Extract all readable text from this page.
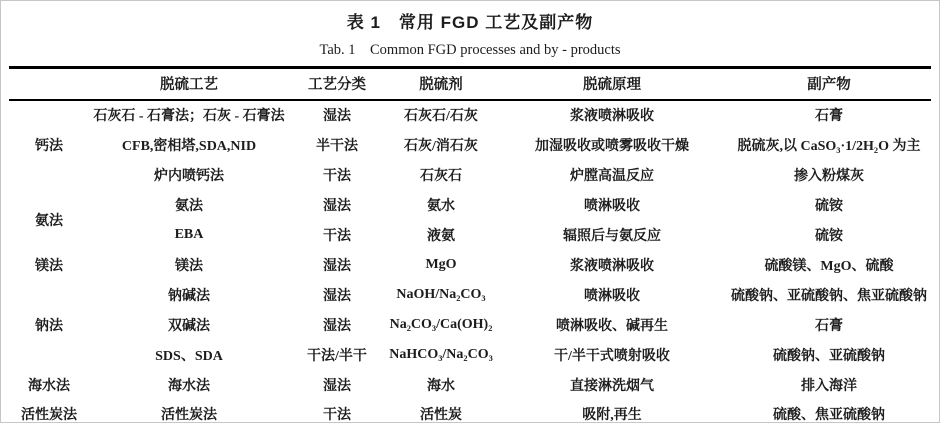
表 1　常用 FGD 工艺及副产物
Tab. 1　Common FGD processes and by - products
	脱硫工艺	工艺分类	脱硫剂	脱硫原理	副产物
钙法	石灰石 - 石膏法；石灰 - 石膏法	湿法	石灰石/石灰	浆液喷淋吸收	石膏
	CFB,密相塔,SDA,NID	半干法	石灰/消石灰	加湿吸收或喷雾吸收干燥	脱硫灰,以 CaSO₃·1/2H₂O 为主
	炉内喷钙法	干法	石灰石	炉膛高温反应	掺入粉煤灰
氨法	氨法	湿法	氨水	喷淋吸收	硫铵
	EBA	干法	液氨	辐照后与氨反应	硫铵
镁法	镁法	湿法	MgO	浆液喷淋吸收	硫酸镁、MgO、硫酸
钠法	钠碱法	湿法	NaOH/Na₂CO₃	喷淋吸收	硫酸钠、亚硫酸钠、焦亚硫酸钠
	双碱法	湿法	Na₂CO₃/Ca(OH)₂	喷淋吸收、碱再生	石膏
	SDS、SDA	干法/半干	NaHCO₃/Na₂CO₃	干/半干式喷射吸收	硫酸钠、亚硫酸钠
海水法	海水法	湿法	海水	直接淋洗烟气	排入海洋
活性炭法	活性炭法	干法	活性炭	吸附,再生	硫酸、焦亚硫酸钠
